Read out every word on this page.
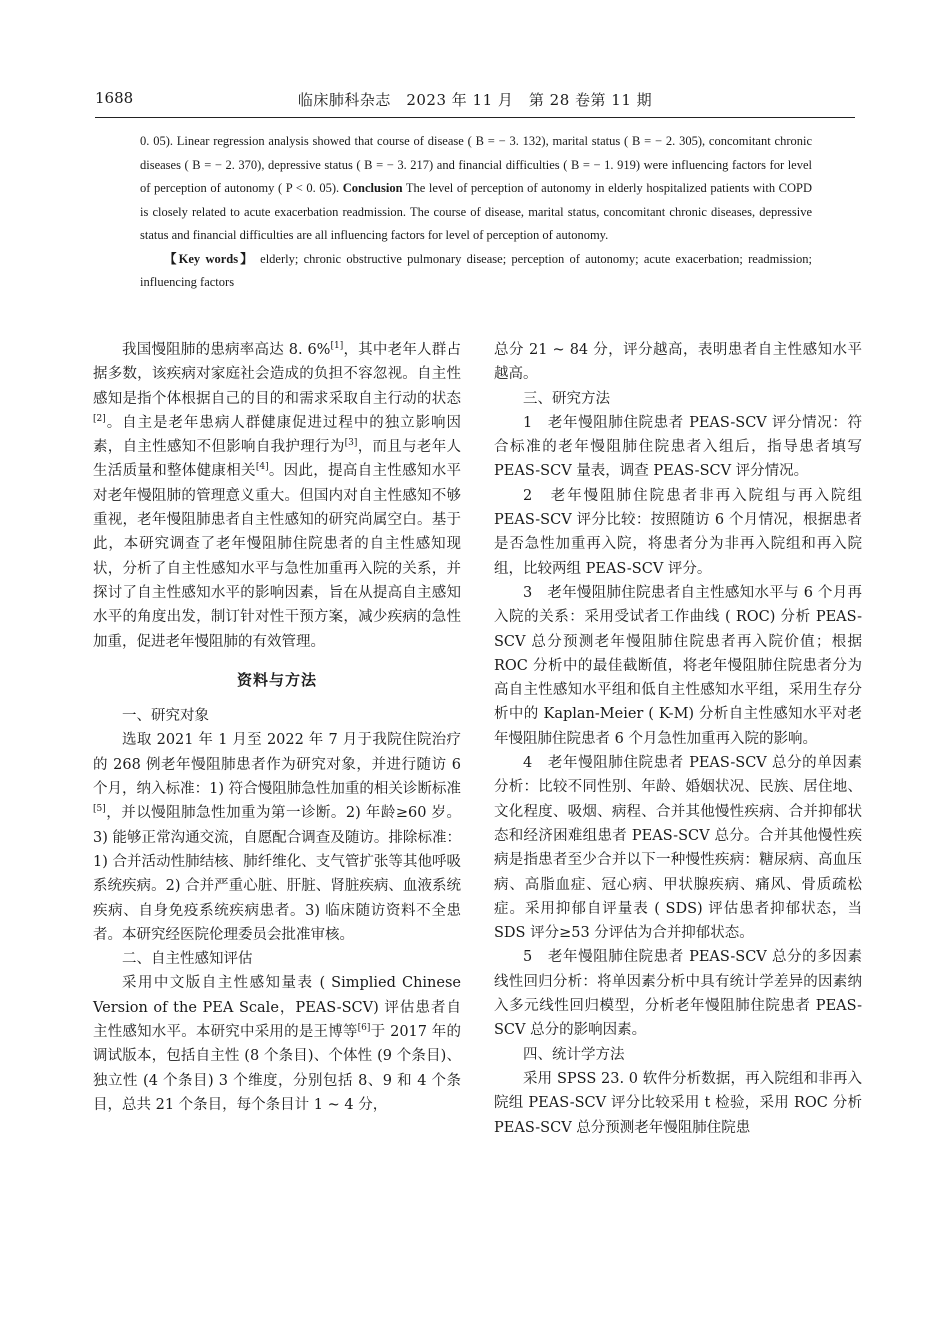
1688	临床肺科杂志　2023 年 11 月　第 28 卷第 11 期
0. 05). Linear regression analysis showed that course of disease ( B = − 3. 132), marital status ( B = − 2. 305), concomitant chronic diseases ( B = − 2. 370), depressive status ( B = − 3. 217) and financial difficulties ( B = − 1. 919) were influencing factors for level of perception of autonomy ( P < 0. 05). Conclusion The level of perception of autonomy in elderly hospitalized patients with COPD is closely related to acute exacerbation readmission. The course of disease, marital status, concomitant chronic diseases, depressive status and financial difficulties are all influencing factors for level of perception of autonomy.
【Key words】 elderly; chronic obstructive pulmonary disease; perception of autonomy; acute exacerbation; readmission; influencing factors

我国慢阻肺的患病率高达 8. 6%[1]，其中老年人群占据多数，该疾病对家庭社会造成的负担不容忽视。自主性感知是指个体根据自己的目的和需求采取自主行动的状态[2]。自主是老年患病人群健康促进过程中的独立影响因素，自主性感知不但影响自我护理行为[3]，而且与老年人生活质量和整体健康相关[4]。因此，提高自主性感知水平对老年慢阻肺的管理意义重大。但国内对自主性感知不够重视，老年慢阻肺患者自主性感知的研究尚属空白。基于此，本研究调查了老年慢阻肺住院患者的自主性感知现状，分析了自主性感知水平与急性加重再入院的关系，并探讨了自主性感知水平的影响因素，旨在从提高自主感知水平的角度出发，制订针对性干预方案，减少疾病的急性加重，促进老年慢阻肺的有效管理。

资料与方法

一、研究对象

选取 2021 年 1 月至 2022 年 7 月于我院住院治疗的 268 例老年慢阻肺患者作为研究对象，并进行随访 6 个月，纳入标准：1) 符合慢阻肺急性加重的相关诊断标准[5]，并以慢阻肺急性加重为第一诊断。2) 年龄≥60 岁。3) 能够正常沟通交流，自愿配合调查及随访。排除标准：1) 合并活动性肺结核、肺纤维化、支气管扩张等其他呼吸系统疾病。2) 合并严重心脏、肝脏、肾脏疾病、血液系统疾病、自身免疫系统疾病患者。3) 临床随访资料不全患者。本研究经医院伦理委员会批准审核。

二、自主性感知评估

采用中文版自主性感知量表 ( Simplied Chinese Version of the PEA Scale，PEAS-SCV) 评估患者自主性感知水平。本研究中采用的是王博等[6]于 2017 年的调试版本，包括自主性 (8 个条目)、个体性 (9 个条目)、独立性 (4 个条目) 3 个维度，分别包括 8、9 和 4 个条目，总共 21 个条目，每个条目计 1 ~ 4 分，

总分 21 ~ 84 分，评分越高，表明患者自主性感知水平越高。

三、研究方法

1　老年慢阻肺住院患者 PEAS-SCV 评分情况：符合标准的老年慢阻肺住院患者入组后，指导患者填写 PEAS-SCV 量表，调查 PEAS-SCV 评分情况。

2　老年慢阻肺住院患者非再入院组与再入院组 PEAS-SCV 评分比较：按照随访 6 个月情况，根据患者是否急性加重再入院，将患者分为非再入院组和再入院组，比较两组 PEAS-SCV 评分。

3　老年慢阻肺住院患者自主性感知水平与 6 个月再入院的关系：采用受试者工作曲线 ( ROC) 分析 PEAS-SCV 总分预测老年慢阻肺住院患者再入院价值；根据 ROC 分析中的最佳截断值，将老年慢阻肺住院患者分为高自主性感知水平组和低自主性感知水平组，采用生存分析中的 Kaplan-Meier ( K-M) 分析自主性感知水平对老年慢阻肺住院患者 6 个月急性加重再入院的影响。

4　老年慢阻肺住院患者 PEAS-SCV 总分的单因素分析：比较不同性别、年龄、婚姻状况、民族、居住地、文化程度、吸烟、病程、合并其他慢性疾病、合并抑郁状态和经济困难组患者 PEAS-SCV 总分。合并其他慢性疾病是指患者至少合并以下一种慢性疾病：糖尿病、高血压病、高脂血症、冠心病、甲状腺疾病、痛风、骨质疏松症。采用抑郁自评量表 ( SDS) 评估患者抑郁状态，当 SDS 评分≥53 分评估为合并抑郁状态。

5　老年慢阻肺住院患者 PEAS-SCV 总分的多因素线性回归分析：将单因素分析中具有统计学差异的因素纳入多元线性回归模型，分析老年慢阻肺住院患者 PEAS-SCV 总分的影响因素。

四、统计学方法

采用 SPSS 23. 0 软件分析数据，再入院组和非再入院组 PEAS-SCV 评分比较采用 t 检验，采用 ROC 分析 PEAS-SCV 总分预测老年慢阻肺住院患
